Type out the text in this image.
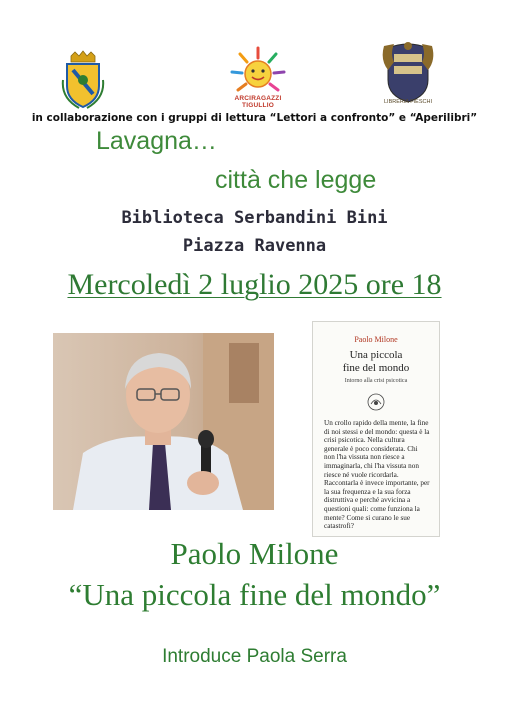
ARCIRAGAZZI
TIGULLIO	LIBRERIA FIESCHI
in collaborazione con i gruppi di lettura “Lettori a confronto” e “Aperilibri”
Lavagna…
città che legge
Biblioteca Serbandini Bini
Piazza Ravenna
Mercoledì 2 luglio 2025 ore 18
Paolo Milone
Una piccola
fine del mondo
Intorno alla crisi psicotica
Un crollo rapido della mente, la fine di noi stessi e del mondo: questa è la crisi psicotica. Nella cultura generale è poco considerata. Chi non l'ha vissuta non riesce a immaginarla, chi l'ha vissuta non riesce né vuole ricordarla. Raccontarla è invece importante, per la sua frequenza e la sua forza distruttiva e perché avvicina a questioni quali: come funziona la mente? Come si curano le sue catastrofi?
Paolo Milone
“Una piccola fine del mondo”
Introduce Paola Serra
